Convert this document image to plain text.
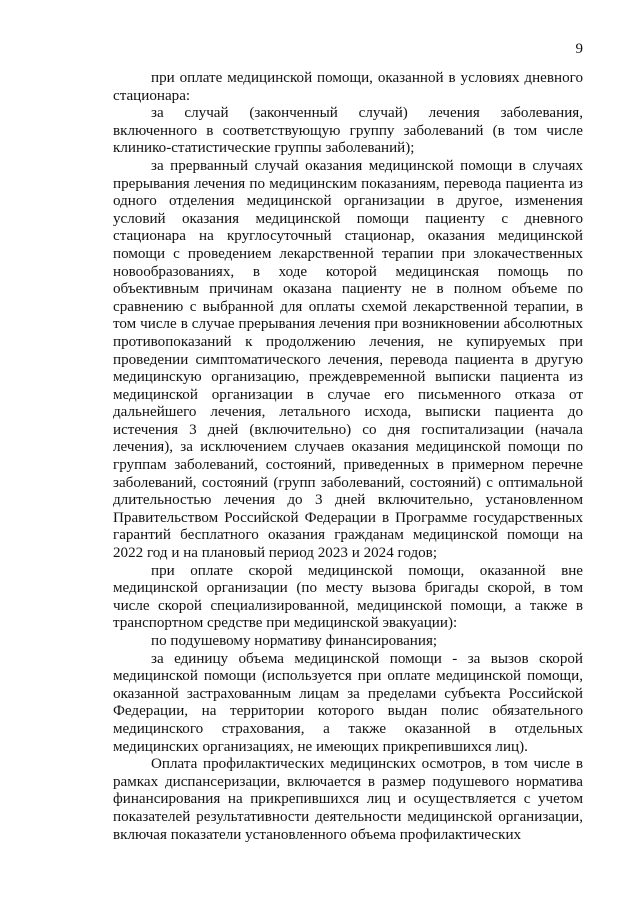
9

при оплате медицинской помощи, оказанной в условиях дневного стационара:

за случай (законченный случай) лечения заболевания, включенного в соответствующую группу заболеваний (в том числе клинико-статистические группы заболеваний);

за прерванный случай оказания медицинской помощи в случаях прерывания лечения по медицинским показаниям, перевода пациента из одного отделения медицинской организации в другое, изменения условий оказания медицинской помощи пациенту с дневного стационара на круглосуточный стационар, оказания медицинской помощи с проведением лекарственной терапии при злокачественных новообразованиях, в ходе которой медицинская помощь по объективным причинам оказана пациенту не в полном объеме по сравнению с выбранной для оплаты схемой лекарственной терапии, в том числе в случае прерывания лечения при возникновении абсолютных противопоказаний к продолжению лечения, не купируемых при проведении симптоматического лечения, перевода пациента в другую медицинскую организацию, преждевременной выписки пациента из медицинской организации в случае его письменного отказа от дальнейшего лечения, летального исхода, выписки пациента до истечения 3 дней (включительно) со дня госпитализации (начала лечения), за исключением случаев оказания медицинской помощи по группам заболеваний, состояний, приведенных в примерном перечне заболеваний, состояний (групп заболеваний, состояний) с оптимальной длительностью лечения до 3 дней включительно, установленном Правительством Российской Федерации в Программе государственных гарантий бесплатного оказания гражданам медицинской помощи на 2022 год и на плановый период 2023 и 2024 годов;

при оплате скорой медицинской помощи, оказанной вне медицинской организации (по месту вызова бригады скорой, в том числе скорой специализированной, медицинской помощи, а также в транспортном средстве при медицинской эвакуации):

по подушевому нормативу финансирования;

за единицу объема медицинской помощи - за вызов скорой медицинской помощи (используется при оплате медицинской помощи, оказанной застрахованным лицам за пределами субъекта Российской Федерации, на территории которого выдан полис обязательного медицинского страхования, а также оказанной в отдельных медицинских организациях, не имеющих прикрепившихся лиц).

Оплата профилактических медицинских осмотров, в том числе в рамках диспансеризации, включается в размер подушевого норматива финансирования на прикрепившихся лиц и осуществляется с учетом показателей результативности деятельности медицинской организации, включая показатели установленного объема профилактических
